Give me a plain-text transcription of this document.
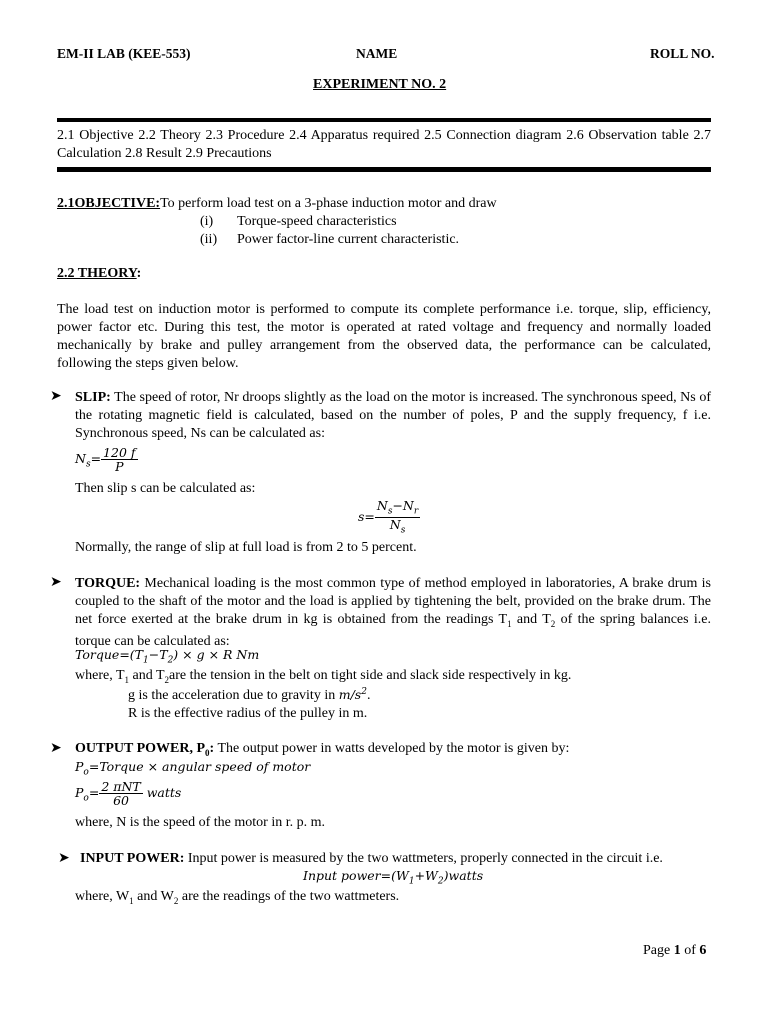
EM-II LAB (KEE-553)	NAME	ROLL NO.
EXPERIMENT NO. 2
2.1 Objective 2.2 Theory 2.3 Procedure 2.4 Apparatus required 2.5 Connection diagram 2.6 Observation table 2.7 Calculation 2.8 Result 2.9 Precautions
2.1OBJECTIVE:To perform load test on a 3-phase induction motor and draw
(i) Torque-speed characteristics
(ii) Power factor-line current characteristic.
2.2 THEORY:
The load test on induction motor is performed to compute its complete performance i.e. torque, slip, efficiency, power factor etc. During this test, the motor is operated at rated voltage and frequency and normally loaded mechanically by brake and pulley arrangement from the observed data, the performance can be calculated, following the steps given below.
➤ SLIP: The speed of rotor, Nr droops slightly as the load on the motor is increased. The synchronous speed, Ns of the rotating magnetic field is calculated, based on the number of poles, P and the supply frequency, f i.e. Synchronous speed, Ns can be calculated as:
$N_s= \frac{120 f}{P}$
Then slip s can be calculated as:
$s= \frac{N_s-N_r}{N_s}$
Normally, the range of slip at full load is from 2 to 5 percent.
➤ TORQUE: Mechanical loading is the most common type of method employed in laboratories, A brake drum is coupled to the shaft of the motor and the load is applied by tightening the belt, provided on the brake drum. The net force exerted at the brake drum in kg is obtained from the readings $T_1$ and $T_2$ of the spring balances i.e. torque can be calculated as:
$Torque=(T_1-T_2) \times g \times R$ Nm
where, $T_1$ and $T_2are$ the tension in the belt on tight side and slack side respectively in kg.
g is the acceleration due to gravity in $m/s^2$.
R is the effective radius of the pulley in m.
➤ OUTPUT POWER, $P_0$: The output power in watts developed by the motor is given by:
$P_o=Torque$ × angular speed of motor
$P_o= \frac{\text{2 πNT}}{60}$ watts
where, N is the speed of the motor in r. p. m.
➤ INPUT POWER: Input power is measured by the two wattmeters, properly connected in the circuit i.e.
Input $power=(W_1+W_2)watts$
where, $W_1$ and $W_2$ are the readings of the two wattmeters.
Page 1 of 6
